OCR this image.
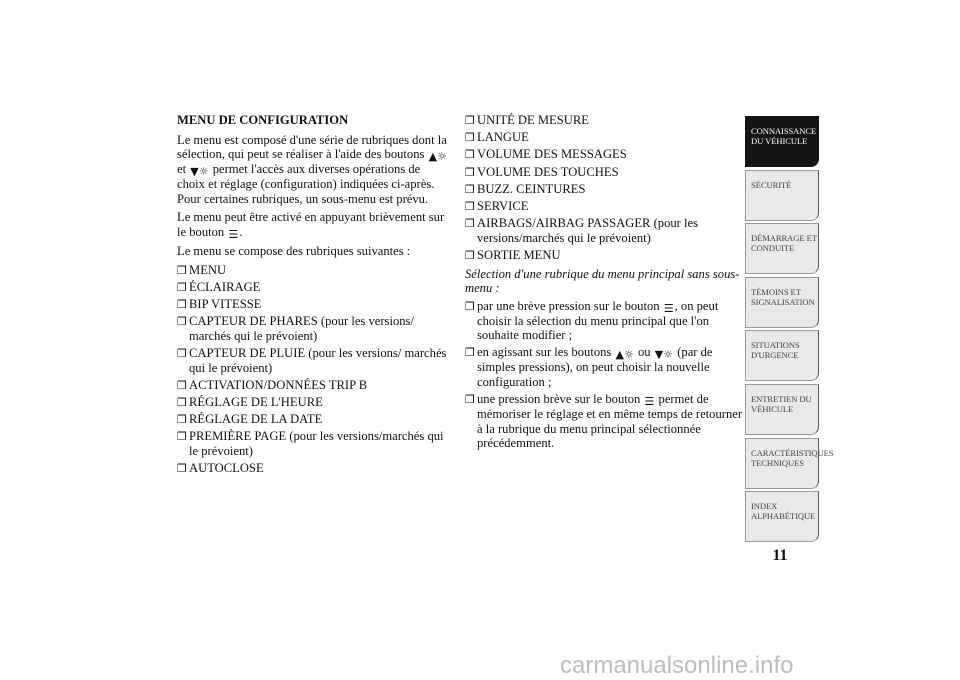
MENU DE CONFIGURATION

Le menu est composé d'une série de rubriques dont la sélection, qui peut se réaliser à l'aide des boutons ▲☼ et ▼☼ permet l'accès aux diverses opérations de choix et réglage (configuration) indiquées ci-après. Pour certaines rubriques, un sous-menu est prévu.

Le menu peut être activé en appuyant brièvement sur le bouton ☰.

Le menu se compose des rubriques suivantes :

❒ MENU
❒ ÉCLAIRAGE
❒ BIP VITESSE
❒ CAPTEUR DE PHARES (pour les versions/ marchés qui le prévoient)
❒ CAPTEUR DE PLUIE (pour les versions/ marchés qui le prévoient)
❒ ACTIVATION/DONNÉES TRIP B
❒ RÉGLAGE DE L'HEURE
❒ RÉGLAGE DE LA DATE
❒ PREMIÈRE PAGE (pour les versions/marchés qui le prévoient)
❒ AUTOCLOSE
❒ UNITÉ DE MESURE
❒ LANGUE
❒ VOLUME DES MESSAGES
❒ VOLUME DES TOUCHES
❒ BUZZ. CEINTURES
❒ SERVICE
❒ AIRBAGS/AIRBAG PASSAGER (pour les versions/marchés qui le prévoient)
❒ SORTIE MENU

Sélection d'une rubrique du menu principal sans sous-menu :

❒ par une brève pression sur le bouton ☰, on peut choisir la sélection du menu principal que l'on souhaite modifier ;
❒ en agissant sur les boutons ▲☼ ou ▼☼ (par de simples pressions), on peut choisir la nouvelle configuration ;
❒ une pression brève sur le bouton ☰ permet de mémoriser le réglage et en même temps de retourner à la rubrique du menu principal sélectionnée précédemment.
CONNAISSANCE DU VÉHICULE
SÉCURITÉ
DÉMARRAGE ET CONDUITE
TÉMOINS ET SIGNALISATION
SITUATIONS D'URGENCE
ENTRETIEN DU VÉHICULE
CARACTÉRISTIQUES TECHNIQUES
INDEX ALPHABÉTIQUE
11
carmanualsonline.info
